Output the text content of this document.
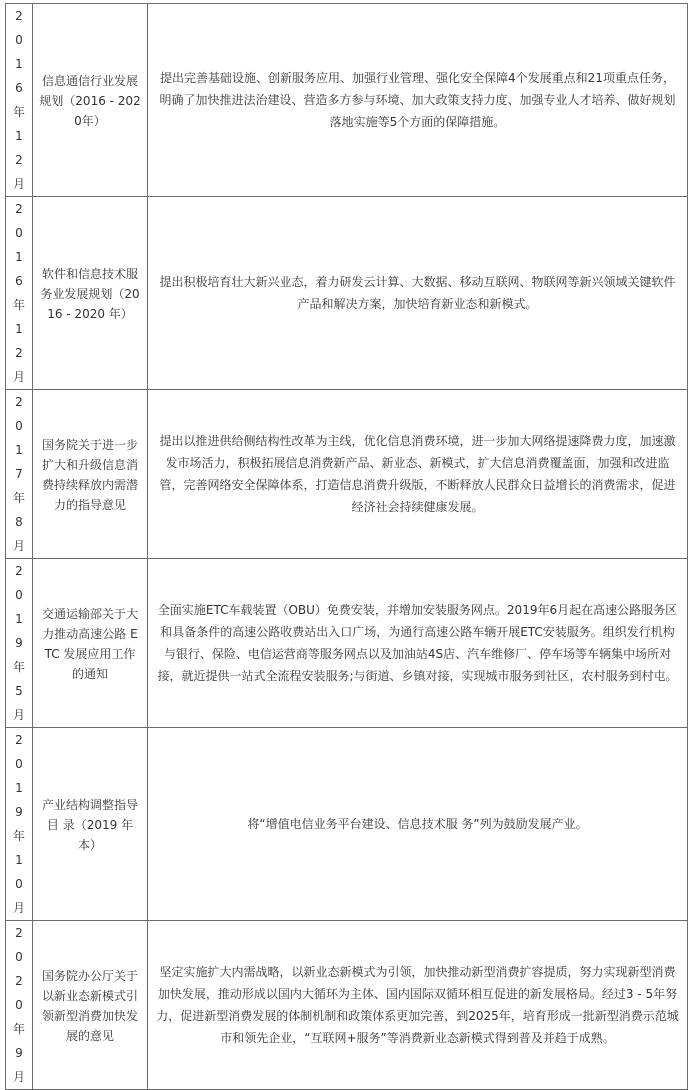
2016年12月	信息通信行业发展规划（2016 - 2020年）	提出完善基础设施、创新服务应用、加强行业管理、强化安全保障4个发展重点和21项重点任务，明确了加快推进法治建设、营造多方参与环境、加大政策支持力度、加强专业人才培养、做好规划落地实施等5个方面的保障措施。

2016年12月	软件和信息技术服务业发展规划（2016 - 2020 年）	提出积极培育壮大新兴业态，着力研发云计算、大数据、移动互联网、物联网等新兴领域关键软件产品和解决方案，加快培育新业态和新模式。

2017年8月	国务院关于进一步扩大和升级信息消费持续释放内需潜力的指导意见	提出以推进供给侧结构性改革为主线，优化信息消费环境，进一步加大网络提速降费力度，加速激发市场活力，积极拓展信息消费新产品、新业态、新模式，扩大信息消费覆盖面，加强和改进监管，完善网络安全保障体系，打造信息消费升级版，不断释放人民群众日益增长的消费需求，促进经济社会持续健康发展。

2019年5月	交通运输部关于大力推动高速公路 ETC 发展应用工作的通知	全面实施ETC车载装置（OBU）免费安装，并增加安装服务网点。2019年6月起在高速公路服务区和具备条件的高速公路收费站出入口广场，为通行高速公路车辆开展ETC安装服务。组织发行机构与银行、保险、电信运营商等服务网点以及加油站4S店、汽车维修厂、停车场等车辆集中场所对接，就近提供一站式全流程安装服务;与街道、乡镇对接，实现城市服务到社区，农村服务到村屯。

2019年10月	产业结构调整指导目 录（2019 年本）	将“增值电信业务平台建设、信息技术服 务”列为鼓励发展产业。

2020年9月	国务院办公厅关于以新业态新模式引领新型消费加快发展的意见	坚定实施扩大内需战略，以新业态新模式为引领，加快推动新型消费扩容提质，努力实现新型消费加快发展，推动形成以国内大循环为主体、国内国际双循环相互促进的新发展格局。经过3 - 5年努力，促进新型消费发展的体制机制和政策体系更加完善，到2025年，培育形成一批新型消费示范城市和领先企业，“互联网+服务”等消费新业态新模式得到普及并趋于成熟。
